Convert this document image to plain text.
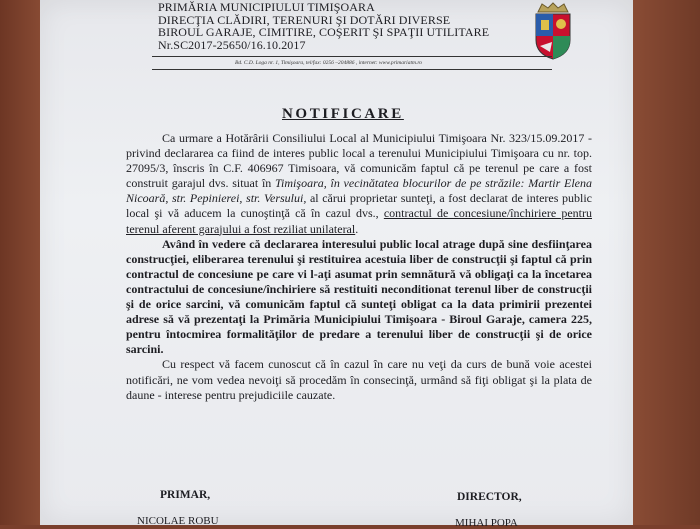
PRIMĂRIA MUNICIPIULUI TIMIŞOARA
DIRECŢIA CLĂDIRI, TERENURI ŞI DOTĂRI DIVERSE
BIROUL GARAJE, CIMITIRE, COŞERIT ŞI SPAŢII UTILITARE
Nr.SC2017-25650/16.10.2017
Bd. C.D. Loga nr. 1, Timişoara, tel/fax: 0256 –204886 , internet: www.primariatm.ro
NOTIFICARE

Ca urmare a Hotărârii Consiliului Local al Municipiului Timişoara Nr. 323/15.09.2017 - privind declararea ca fiind de interes public local a terenului Municipiului Timişoara cu nr. top. 27095/3, înscris în C.F. 406967 Timisoara, vă comunicăm faptul că pe terenul pe care a fost construit garajul dvs. situat în Timişoara, în vecinătatea blocurilor de pe străzile: Martir Elena Nicoară, str. Pepinierei, str. Versului, al cărui proprietar sunteţi, a fost declarat de interes public local şi vă aducem la cunoştinţă că în cazul dvs., contractul de concesiune/închiriere pentru terenul aferent garajului a fost reziliat unilateral.

Având în vedere că declararea interesului public local atrage după sine desfiinţarea construcţiei, eliberarea terenului şi restituirea acestuia liber de construcţii şi faptul că prin contractul de concesiune pe care vi l-aţi asumat prin semnătură vă obligaţi ca la încetarea contractului de concesiune/închiriere să restituiti neconditionat terenul liber de construcţii şi de orice sarcini, vă comunicăm faptul că sunteţi obligat ca la data primirii prezentei adrese să vă prezentaţi la Primăria Municipiului Timişoara - Biroul Garaje, camera 225, pentru întocmirea formalităţilor de predare a terenului liber de construcţii şi de orice sarcini.

Cu respect vă facem cunoscut că în cazul în care nu veţi da curs de bună voie acestei notificări, ne vom vedea nevoiţi să procedăm în consecinţă, urmând să fiţi obligat şi la plata de daune - interese pentru prejudiciile cauzate.

PRIMAR,	DIRECTOR,
NICOLAE ROBU	MIHAI POPA
